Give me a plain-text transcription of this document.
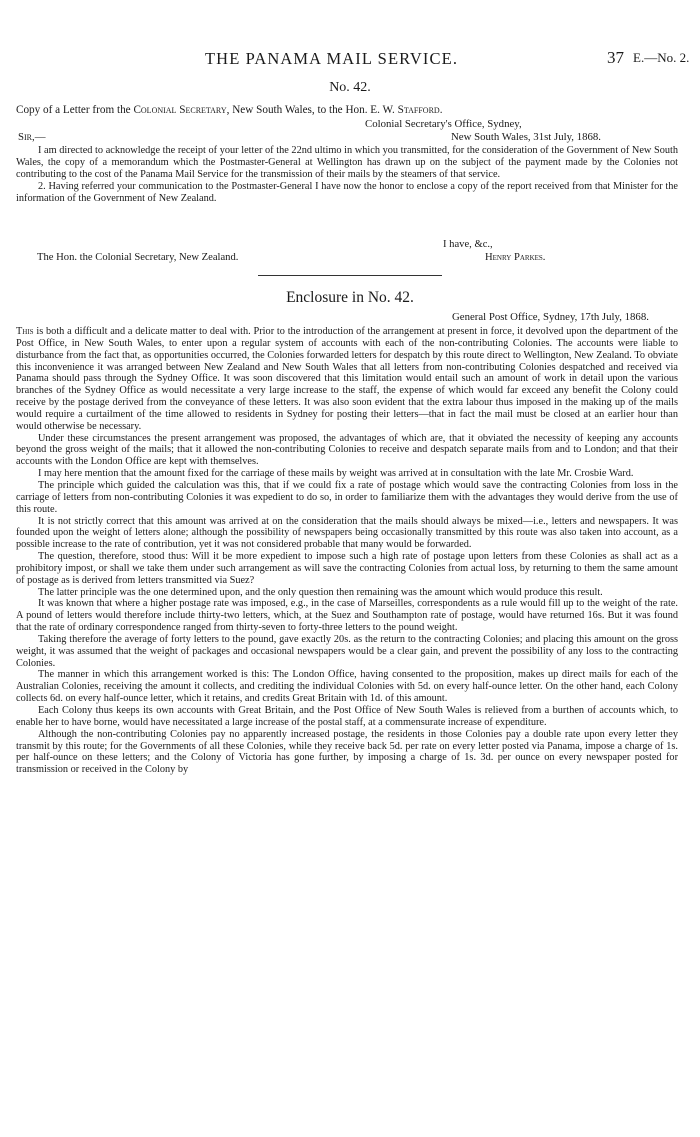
THE PANAMA MAIL SERVICE.	37 E.—No. 2.
No. 42.
Copy of a Letter from the Colonial Secretary, New South Wales, to the Hon. E. W. Stafford.
Colonial Secretary's Office, Sydney,
Sir,—	New South Wales, 31st July, 1868.

I am directed to acknowledge the receipt of your letter of the 22nd ultimo in which you transmitted, for the consideration of the Government of New South Wales, the copy of a memorandum which the Postmaster-General at Wellington has drawn up on the subject of the payment made by the Colonies not contributing to the cost of the Panama Mail Service for the transmission of their mails by the steamers of that service.

2. Having referred your communication to the Postmaster-General I have now the honor to enclose a copy of the report received from that Minister for the information of the Government of New Zealand.

I have, &c.,
The Hon. the Colonial Secretary, New Zealand.	Henry Parkes.
Enclosure in No. 42.
General Post Office, Sydney, 17th July, 1868.

This is both a difficult and a delicate matter to deal with. Prior to the introduction of the arrangement at present in force, it devolved upon the department of the Post Office, in New South Wales, to enter upon a regular system of accounts with each of the non-contributing Colonies. The accounts were liable to disturbance from the fact that, as opportunities occurred, the Colonies forwarded letters for despatch by this route direct to Wellington, New Zealand. To obviate this inconvenience it was arranged between New Zealand and New South Wales that all letters from non-contributing Colonies despatched and received via Panama should pass through the Sydney Office. It was soon discovered that this limitation would entail such an amount of work in detail upon the various branches of the Sydney Office as would necessitate a very large increase to the staff, the expense of which would far exceed any benefit the Colony could receive by the postage derived from the conveyance of these letters. It was also soon evident that the extra labour thus imposed in the making up of the mails would require a curtailment of the time allowed to residents in Sydney for posting their letters—that in fact the mail must be closed at an earlier hour than would otherwise be necessary.

Under these circumstances the present arrangement was proposed, the advantages of which are, that it obviated the necessity of keeping any accounts beyond the gross weight of the mails; that it allowed the non-contributing Colonies to receive and despatch separate mails from and to London; and that their accounts with the London Office are kept with themselves.

I may here mention that the amount fixed for the carriage of these mails by weight was arrived at in consultation with the late Mr. Crosbie Ward.

The principle which guided the calculation was this, that if we could fix a rate of postage which would save the contracting Colonies from loss in the carriage of letters from non-contributing Colonies it was expedient to do so, in order to familiarize them with the advantages they would derive from the use of this route.

It is not strictly correct that this amount was arrived at on the consideration that the mails should always be mixed—i.e., letters and newspapers. It was founded upon the weight of letters alone; although the possibility of newspapers being occasionally transmitted by this route was also taken into account, as a possible increase to the rate of contribution, yet it was not considered probable that many would be forwarded.

The question, therefore, stood thus: Will it be more expedient to impose such a high rate of postage upon letters from these Colonies as shall act as a prohibitory impost, or shall we take them under such arrangement as will save the contracting Colonies from actual loss, by returning to them the same amount of postage as is derived from letters transmitted via Suez?

The latter principle was the one determined upon, and the only question then remaining was the amount which would produce this result.

It was known that where a higher postage rate was imposed, e.g., in the case of Marseilles, correspondents as a rule would fill up to the weight of the rate. A pound of letters would therefore include thirty-two letters, which, at the Suez and Southampton rate of postage, would have returned 16s. But it was found that the rate of ordinary correspondence ranged from thirty-seven to forty-three letters to the pound weight.

Taking therefore the average of forty letters to the pound, gave exactly 20s. as the return to the contracting Colonies; and placing this amount on the gross weight, it was assumed that the weight of packages and occasional newspapers would be a clear gain, and prevent the possibility of any loss to the contracting Colonies.

The manner in which this arrangement worked is this: The London Office, having consented to the proposition, makes up direct mails for each of the Australian Colonies, receiving the amount it collects, and crediting the individual Colonies with 5d. on every half-ounce letter. On the other hand, each Colony collects 6d. on every half-ounce letter, which it retains, and credits Great Britain with 1d. of this amount.

Each Colony thus keeps its own accounts with Great Britain, and the Post Office of New South Wales is relieved from a burthen of accounts which, to enable her to have borne, would have necessitated a large increase of the postal staff, at a commensurate increase of expenditure.

Although the non-contributing Colonies pay no apparently increased postage, the residents in those Colonies pay a double rate upon every letter they transmit by this route; for the Governments of all these Colonies, while they receive back 5d. per rate on every letter posted via Panama, impose a charge of 1s. per half-ounce on these letters; and the Colony of Victoria has gone further, by imposing a charge of 1s. 3d. per ounce on every newspaper posted for transmission or received in the Colony by
